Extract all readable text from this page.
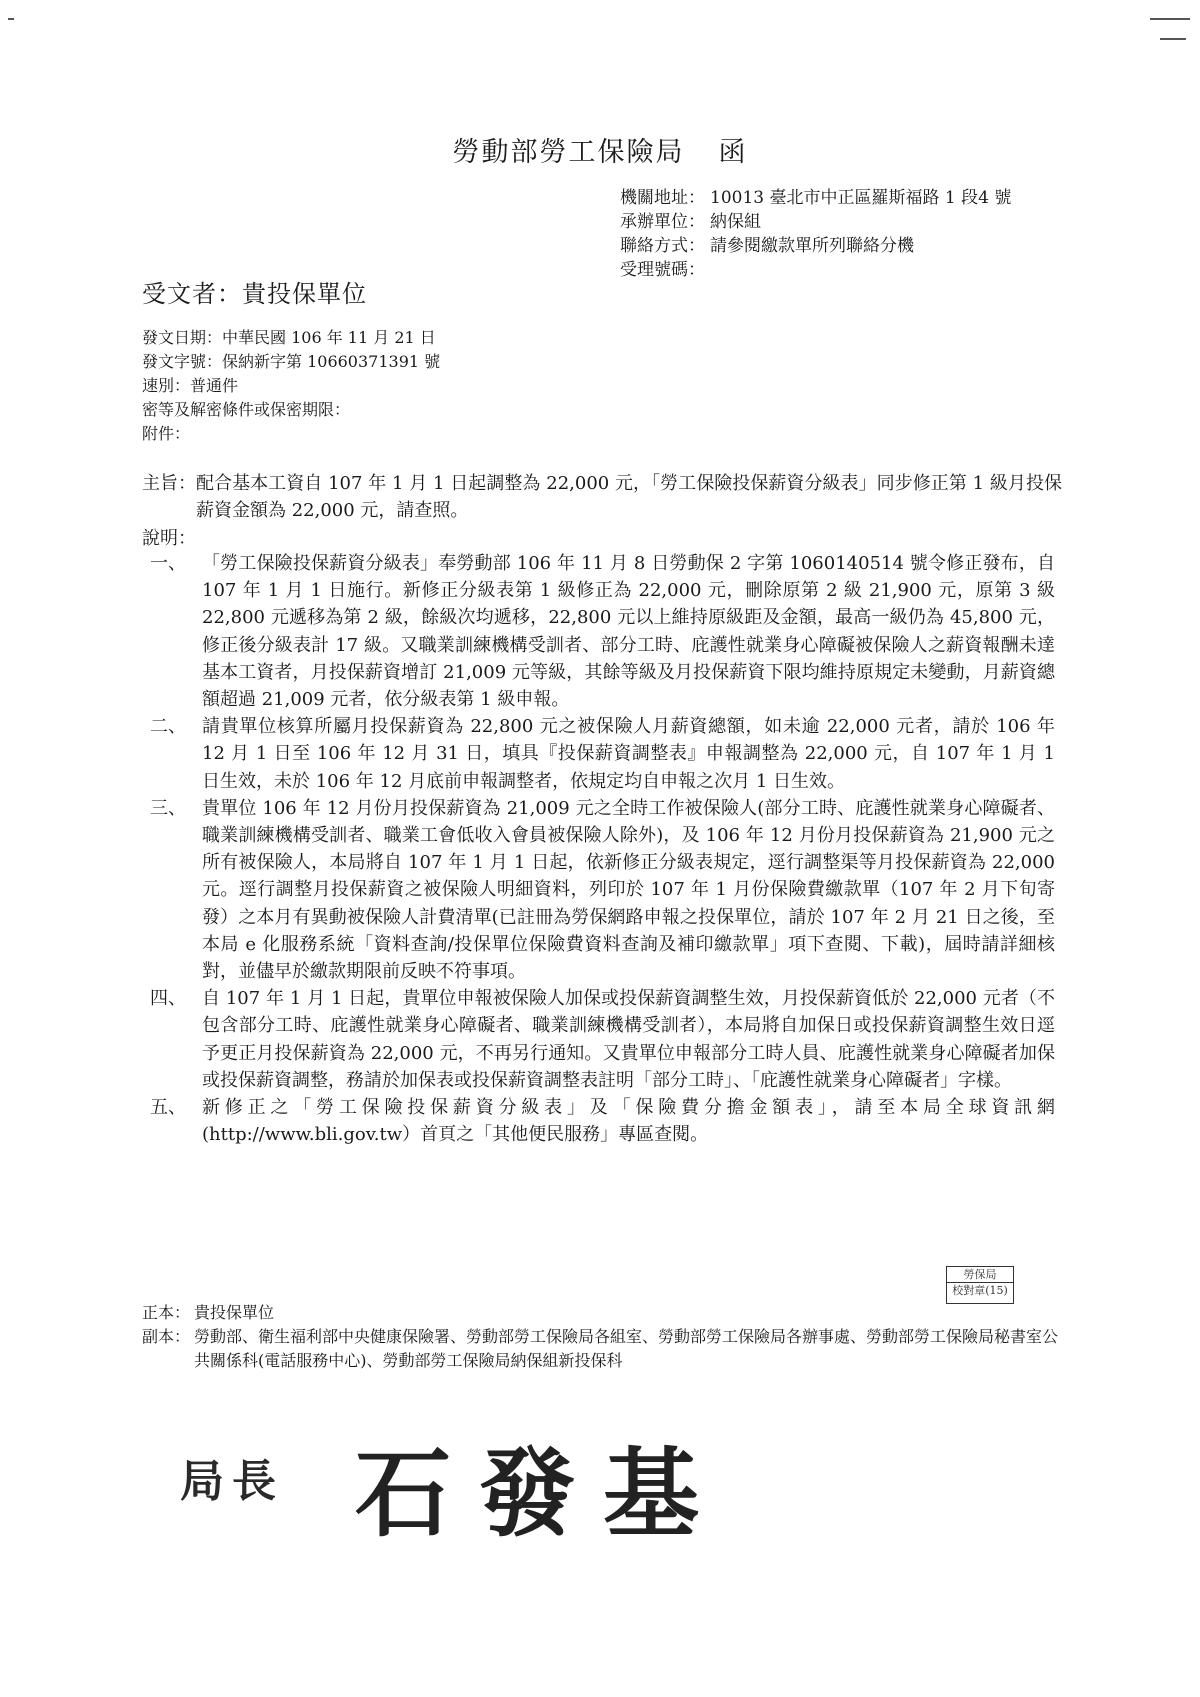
勞動部勞工保險局 函
機關地址： 10013 臺北市中正區羅斯福路 1 段4 號
承辦單位： 納保組
聯絡方式： 請參閱繳款單所列聯絡分機
受理號碼：
受文者：貴投保單位
發文日期：中華民國 106 年 11 月 21 日
發文字號：保納新字第 10660371391 號
速別：普通件
密等及解密條件或保密期限：
附件：
主旨： 配合基本工資自 107 年 1 月 1 日起調整為 22,000 元，「勞工保險投保薪資分級表」同步修正第 1 級月投保薪資金額為 22,000 元，請查照。
說明：
一、 「勞工保險投保薪資分級表」奉勞動部 106 年 11 月 8 日勞動保 2 字第 1060140514 號令修正發布，自 107 年 1 月 1 日施行。新修正分級表第 1 級修正為 22,000 元，刪除原第 2 級 21,900 元，原第 3 級 22,800 元遞移為第 2 級，餘級次均遞移，22,800 元以上維持原級距及金額，最高一級仍為 45,800 元，修正後分級表計 17 級。又職業訓練機構受訓者、部分工時、庇護性就業身心障礙被保險人之薪資報酬未達基本工資者，月投保薪資增訂 21,009 元等級，其餘等級及月投保薪資下限均維持原規定未變動，月薪資總額超過 21,009 元者，依分級表第 1 級申報。
二、 請貴單位核算所屬月投保薪資為 22,800 元之被保險人月薪資總額，如未逾 22,000 元者，請於 106 年 12 月 1 日至 106 年 12 月 31 日，填具『投保薪資調整表』申報調整為 22,000 元，自 107 年 1 月 1 日生效，未於 106 年 12 月底前申報調整者，依規定均自申報之次月 1 日生效。
三、 貴單位 106 年 12 月份月投保薪資為 21,009 元之全時工作被保險人(部分工時、庇護性就業身心障礙者、職業訓練機構受訓者、職業工會低收入會員被保險人除外)，及 106 年 12 月份月投保薪資為 21,900 元之所有被保險人，本局將自 107 年 1 月 1 日起，依新修正分級表規定，逕行調整渠等月投保薪資為 22,000 元。逕行調整月投保薪資之被保險人明細資料，列印於 107 年 1 月份保險費繳款單（107 年 2 月下旬寄發）之本月有異動被保險人計費清單(已註冊為勞保網路申報之投保單位，請於 107 年 2 月 21 日之後，至本局 e 化服務系統「資料查詢/投保單位保險費資料查詢及補印繳款單」項下查閱、下載)，屆時請詳細核對，並儘早於繳款期限前反映不符事項。
四、 自 107 年 1 月 1 日起，貴單位申報被保險人加保或投保薪資調整生效，月投保薪資低於 22,000 元者（不包含部分工時、庇護性就業身心障礙者、職業訓練機構受訓者），本局將自加保日或投保薪資調整生效日逕予更正月投保薪資為 22,000 元，不再另行通知。又貴單位申報部分工時人員、庇護性就業身心障礙者加保或投保薪資調整，務請於加保表或投保薪資調整表註明「部分工時」、「庇護性就業身心障礙者」字樣。
五、 新修正之「勞工保險投保薪資分級表」及「保險費分擔金額表」，請至本局全球資訊網(http://www.bli.gov.tw）首頁之「其他便民服務」專區查閱。
勞保局
校對章(15)
正本： 貴投保單位
副本： 勞動部、衛生福利部中央健康保險署、勞動部勞工保險局各組室、勞動部勞工保險局各辦事處、勞動部勞工保險局秘書室公共關係科(電話服務中心)、勞動部勞工保險局納保組新投保科
局長 石發基
